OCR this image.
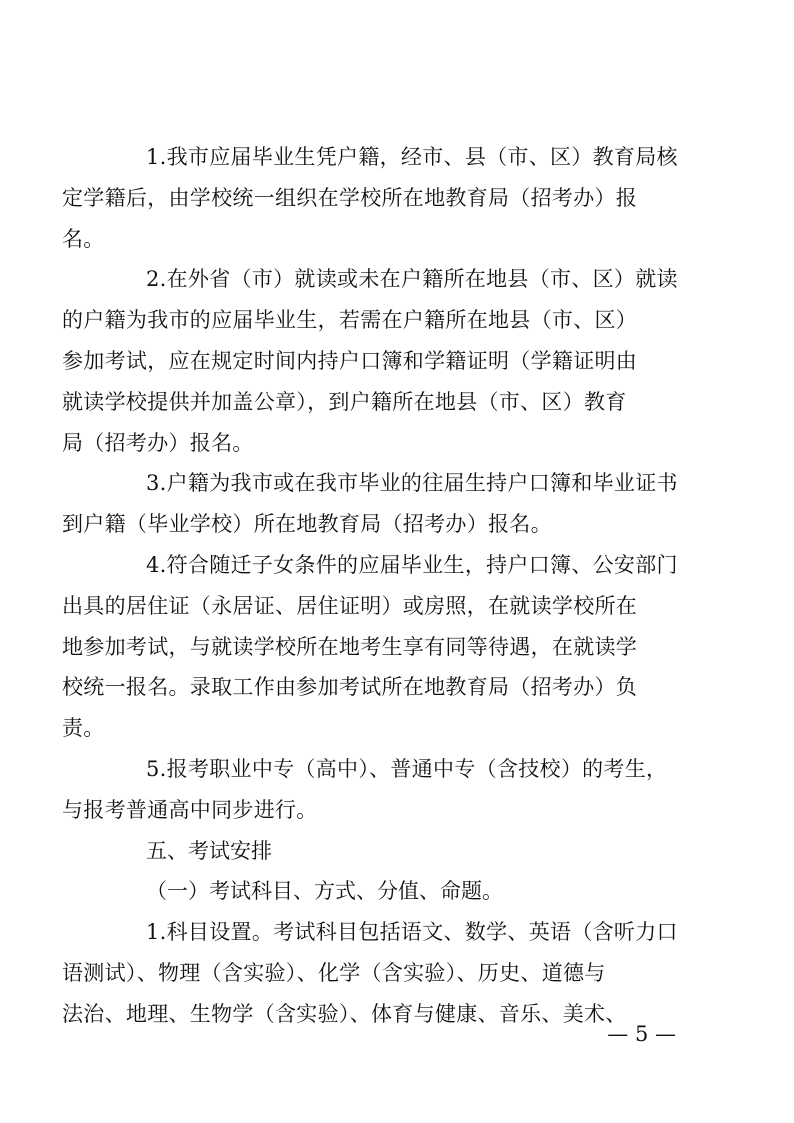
1.我市应届毕业生凭户籍，经市、县（市、区）教育局核
定学籍后，由学校统一组织在学校所在地教育局（招考办）报
名。

2.在外省（市）就读或未在户籍所在地县（市、区）就读
的户籍为我市的应届毕业生，若需在户籍所在地县（市、区）
参加考试，应在规定时间内持户口簿和学籍证明（学籍证明由
就读学校提供并加盖公章），到户籍所在地县（市、区）教育
局（招考办）报名。

3.户籍为我市或在我市毕业的往届生持户口簿和毕业证书
到户籍（毕业学校）所在地教育局（招考办）报名。

4.符合随迁子女条件的应届毕业生，持户口簿、公安部门
出具的居住证（永居证、居住证明）或房照，在就读学校所在
地参加考试，与就读学校所在地考生享有同等待遇，在就读学
校统一报名。录取工作由参加考试所在地教育局（招考办）负
责。

5.报考职业中专（高中）、普通中专（含技校）的考生，
与报考普通高中同步进行。

五、考试安排

（一）考试科目、方式、分值、命题。

1.科目设置。考试科目包括语文、数学、英语（含听力口
语测试）、物理（含实验）、化学（含实验）、历史、道德与
法治、地理、生物学（含实验）、体育与健康、音乐、美术、

— 5 —
